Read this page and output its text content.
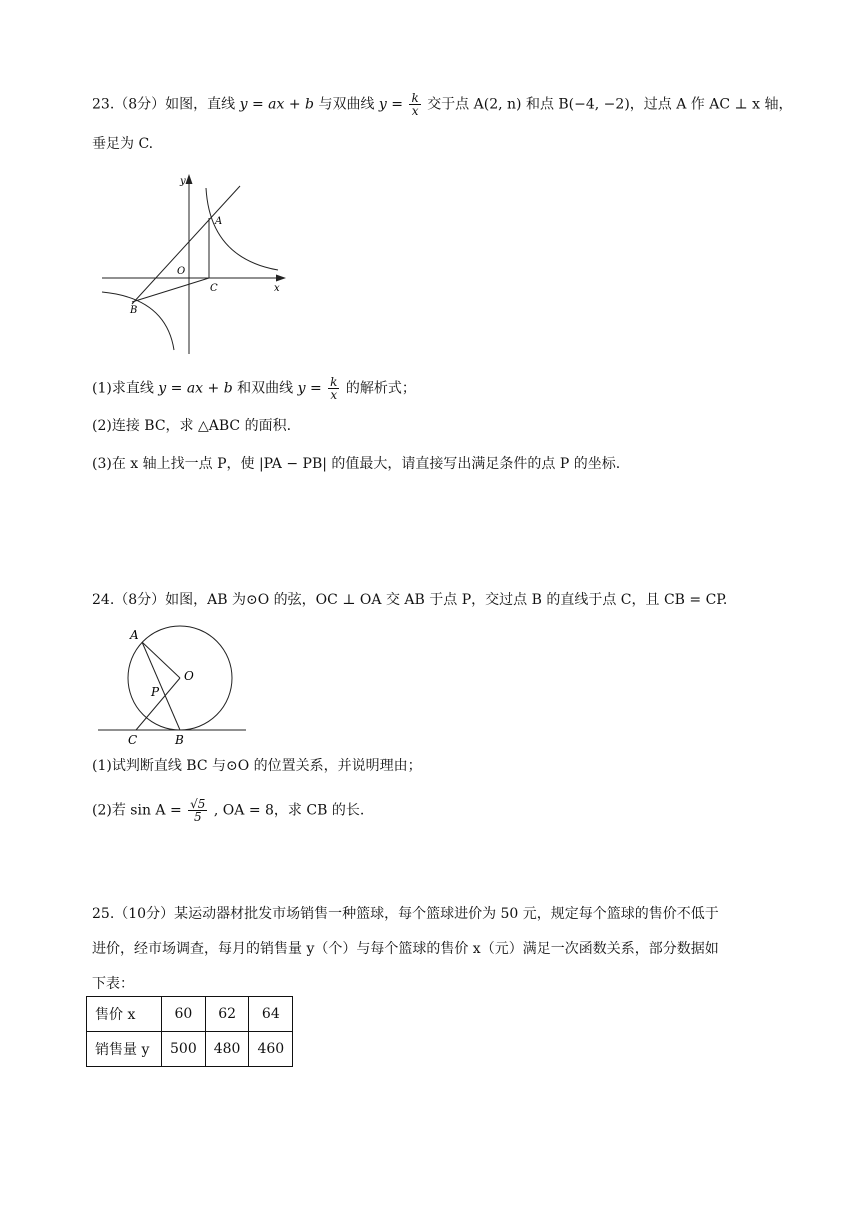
23.（8分）如图，直线 y = ax + b 与双曲线 $y = \frac{k}{x}$ 交于点 A(2, n) 和点 B(−4, −2)，过点 A 作 AC ⊥ x 轴，
垂足为 C.
y
x
A
O
C
B
(1)求直线 y = ax + b 和双曲线 $y = \frac{k}{x}$ 的解析式；
(2)连接 BC，求 △ABC 的面积.
(3)在 x 轴上找一点 P，使 |PA − PB| 的值最大，请直接写出满足条件的点 P 的坐标.
24.（8分）如图，AB 为⊙O 的弦，OC ⊥ OA 交 AB 于点 P，交过点 B 的直线于点 C，且 CB = CP.
A
O
P
C	B
(1)试判断直线 BC 与⊙O 的位置关系，并说明理由；
(2)若 $\sin A = \frac{√5}{5}$ , OA = 8，求 CB 的长.
25.（10分）某运动器材批发市场销售一种篮球，每个篮球进价为 50 元，规定每个篮球的售价不低于
进价，经市场调查，每月的销售量 y（个）与每个篮球的售价 x（元）满足一次函数关系，部分数据如
下表：
售价 x	60	62	64
销售量 y	500	480	460
